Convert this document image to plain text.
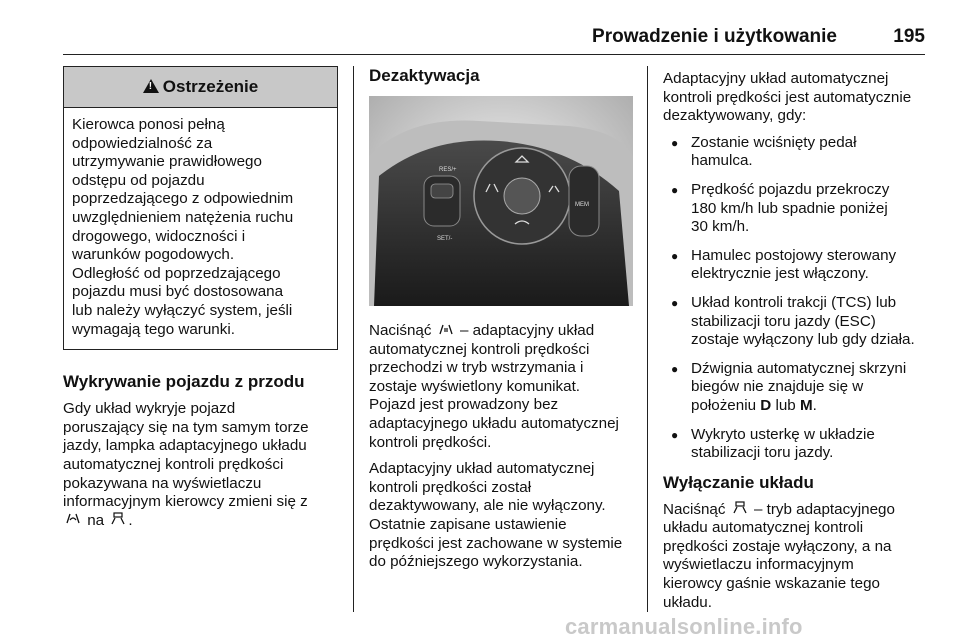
Prowadzenie i użytkowanie	195
!
Ostrzeżenie
Kierowca ponosi pełną
odpowiedzialność za
utrzymywanie prawidłowego
odstępu od pojazdu
poprzedzającego z odpowiednim
uwzględnieniem natężenia ruchu
drogowego, widoczności i
warunków pogodowych.
Odległość od poprzedzającego
pojazdu musi być dostosowana
lub należy wyłączyć system, jeśli
wymagają tego warunki.
Wykrywanie pojazdu z przodu
Gdy układ wykryje pojazd
poruszający się na tym samym torze
jazdy, lampka adaptacyjnego układu
automatycznej kontroli prędkości
pokazywana na wyświetlaczu
informacyjnym kierowcy zmieni się z
na .
Dezaktywacja
RES/+
SET/-
MEM
Naciśnąć – adaptacyjny układ
automatycznej kontroli prędkości
przechodzi w tryb wstrzymania i
zostaje wyświetlony komunikat.
Pojazd jest prowadzony bez
adaptacyjnego układu automatycznej
kontroli prędkości.
Adaptacyjny układ automatycznej
kontroli prędkości został
dezaktywowany, ale nie wyłączony.
Ostatnie zapisane ustawienie
prędkości jest zachowane w systemie
do późniejszego wykorzystania.
Adaptacyjny układ automatycznej
kontroli prędkości jest automatycznie
dezaktywowany, gdy:
● Zostanie wciśnięty pedał
hamulca.
● Prędkość pojazdu przekroczy
180 km/h lub spadnie poniżej
30 km/h.
● Hamulec postojowy sterowany
elektrycznie jest włączony.
● Układ kontroli trakcji (TCS) lub
stabilizacji toru jazdy (ESC)
zostaje wyłączony lub gdy działa.
● Dźwignia automatycznej skrzyni
biegów nie znajduje się w
położeniu D lub M.
● Wykryto usterkę w układzie
stabilizacji toru jazdy.
Wyłączanie układu
Naciśnąć – tryb adaptacyjnego
układu automatycznej kontroli
prędkości zostaje wyłączony, a na
wyświetlaczu informacyjnym
kierowcy gaśnie wskazanie tego
układu.
carmanualsonline.info
